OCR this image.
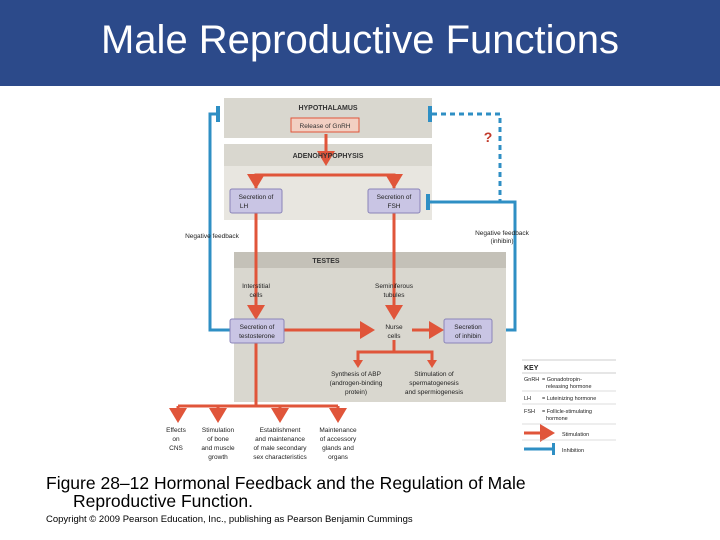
Male Reproductive Functions
HYPOTHALAMUS
Release of GnRH
?
ADENOHYPOPHYSIS
Secretion of
LH
Secretion of
FSH
Negative feedback	Negative feedback
(inhibin)
TESTES
Interstitial
cells
Seminiferous
tubules
Secretion of
testosterone
Nurse
cells
Secretion
of inhibin
Synthesis of ABP
(androgen-binding
protein)
Stimulation of
spermatogenesis
and spermiogenesis
Effects
on
CNS
Stimulation
of bone
and muscle
growth
Establishment
and maintenance
of male secondary
sex characteristics
Maintenance
of accessory
glands and
organs
KEY
GnRH = Gonadotropin-
releasing hormone
LH = Luteinizing hormone
FSH = Follicle-stimulating
hormone
Stimulation
Inhibition
Figure 28–12 Hormonal Feedback and the Regulation of Male
Reproductive Function.
Copyright © 2009 Pearson Education, Inc., publishing as Pearson Benjamin Cummings
